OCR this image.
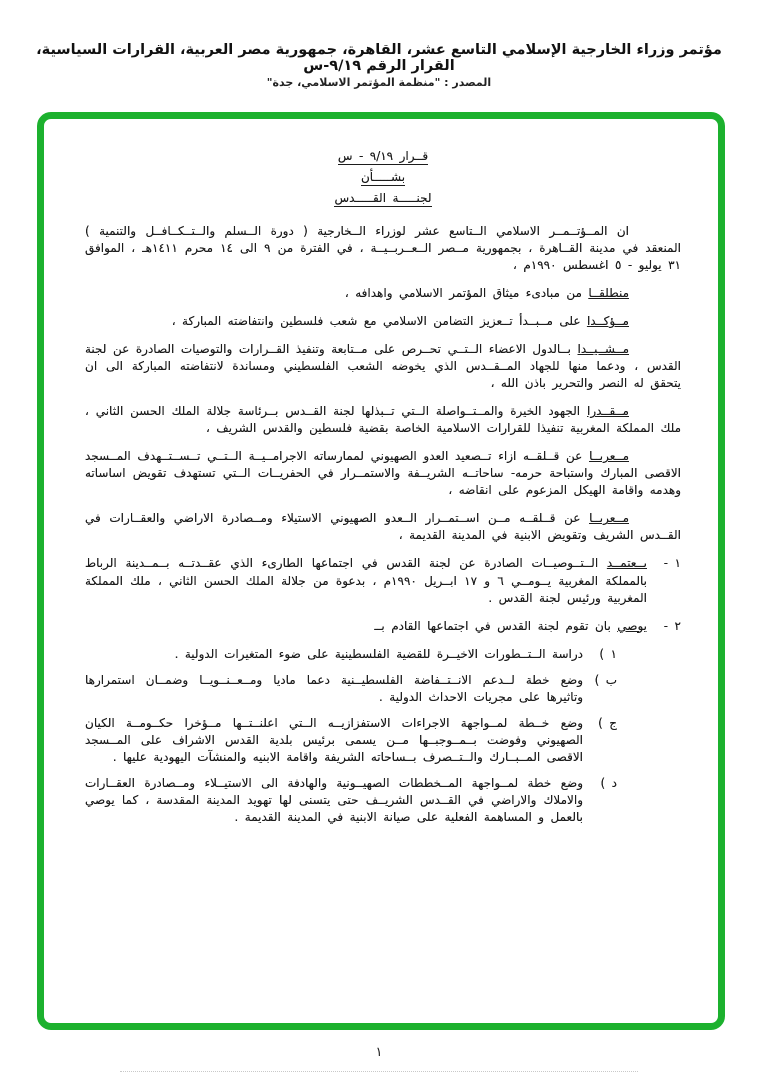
مؤتمر وزراء الخارجية الإسلامي التاسع عشر، القاهرة، جمهورية مصر العربية، القرارات السياسية، القرار الرقم ٩/١٩-س
المصدر : "منظمة المؤتمر الاسلامي، جدة"
قــرار ٩/١٩ - س
بشـــــأن
لجنـــــة القـــــدس

ان المــؤتــمــر الاسلامي الــتاسع عشر لوزراء الــخارجية ( دورة الــسلم والــتــكــافــل والتنمية ) المنعقد في مدينة القــاهرة ، بجمهورية مــصر الــعــربــيــة ، في الفترة من ٩ الى ١٤ محرم ١٤١١هـ ، الموافق ٣١ يوليو - ٥ اغسطس ١٩٩٠م ،

منطلقــا من مبادىء ميثاق المؤتمر الاسلامي واهدافه ،

مــؤكــدا على مــبــدأ تــعزيز التضامن الاسلامي مع شعب فلسطين وانتفاضته المباركة ،

مــشــيــدا بــالدول الاعضاء الــتــي تحــرص على مــتابعة وتنفيذ القــرارات والتوصيات الصادرة عن لجنة القدس ، ودعما منها للجهاد المــقــدس الذي يخوضه الشعب الفلسطيني ومساندة لانتفاضته المباركة الى ان يتحقق له النصر والتحرير باذن الله ،

مــقــدرا الجهود الخيرة والمــتــواصلة الــتي تــبذلها لجنة القــدس بــرئاسة جلالة الملك الحسن الثاني ، ملك المملكة المغربية تنفيذا للقرارات الاسلامية الخاصة بقضية فلسطين والقدس الشريف ،

مــعربــا عن قــلقــه ازاء تــصعيد العدو الصهيوني لممارساته الاجرامــيــة الــتــي تــســتــهدف المــسجد الاقصى المبارك واستباحة حرمه- ساحاتــه الشريــفة والاستمــرار في الحفريــات الــتي تستهدف تقويض اساساته وهدمه واقامة الهيكل المزعوم على انقاضه ،

مــعربــا عن قــلقــه مــن اســتمــرار الــعدو الصهيوني الاستيلاء ومــصادرة الاراضي والعقــارات في القــدس الشريف وتقويض الابنية في المدينة القديمة ،

١ -
يــعتمــد الــتــوصيــات الصادرة عن لجنة القدس في اجتماعها الطارىء الذي عقــدتــه بــمــدينة الرباط بالمملكة المغربية يــومــي ٦ و ١٧ ابــريل ١٩٩٠م ، بدعوة من جلالة الملك الحسن الثاني ، ملك المملكة المغربية ورئيس لجنة القدس .
٢ -
يوصي بان تقوم لجنة القدس في اجتماعها القادم بــ
١ )
دراسة الــتــطورات الاخيــرة للقضية الفلسطينية على ضوء المتغيرات الدولية .
ب )
وضع خطة لــدعم الانــتــفاضة الفلسطيــنية دعما ماديا ومــعــنــويــا وضمــان استمرارها وتاثيرها على مجريات الاحداث الدولية .
ج )
وضع خــطة لمــواجهة الاجراءات الاستفزازيــه الــتي اعلنــتــها مــؤخرا حكــومــة الكيان الصهيوني وفوضت بــمــوجبــها مــن يسمى برئيس بلدية القدس الاشراف على المــسجد الاقصى المــبــارك والــتــصرف بــساحاته الشريفة واقامة الابنيه والمنشآت اليهودية عليها .
د )
وضع خطة لمــواجهة المــخططات الصهيــونية والهادفة الى الاستيــلاء ومــصادرة العقــارات والاملاك والاراضي في القــدس الشريــف حتى يتسنى لها تهويد المدينة المقدسة ، كما يوصي بالعمل و المساهمة الفعلية على صيانة الابنية في المدينة القديمة .
١
